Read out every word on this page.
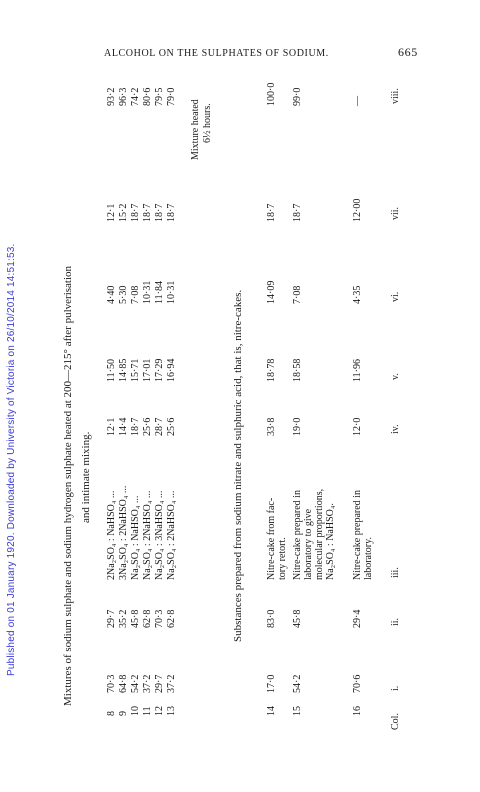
Published on 01 January 1920. Downloaded by University of Victoria on 26/10/2014 14:51:53.
ALCOHOL ON THE SULPHATES OF SODIUM.	665
Mixtures of sodium sulphate and sodium hydrogen sulphate heated at 200—215° after pulverisation and intimate mixing.
8
70·3
29·7
2Na₂SO₄ : NaHSO₄ ...
12·1
11·50
4·40
12·1
93·2
9
64·8
35·2
3Na₂SO₄ : 2NaHSO₄ ...
14·4
14·85
5·30
15·2
96·3
10
54·2
45·8
Na₂SO₄ : NaHSO₄ ...
18·7
15·71
7·08
18·7
74·2
11
37·2
62·8
Na₂SO₄ : 2NaHSO₄ ...
25·6
17·01
10·31
18·7
80·6
12
29·7
70·3
Na₂SO₄ : 3NaHSO₄ ...
28·7
17·29
11·84
18·7
79·5
13
37·2
62·8
Na₂SO₄ : 2NaHSO₄ ...
25·6
16·94
10·31
18·7
79·0
Substances prepared from sodium nitrate and sulphuric acid, that is, nitre-cakes.
Mixture heated 6½ hours.
14
17·0
83·0
33·8
18·78
14·09
18·7
100·0
Nitre-cake from fac- tory retort.
15
54·2
45·8
19·0
18·58
7·08
18·7
99·0
Nitre-cake prepared in laboratory to give molecular proportions, Na₂SO₄ : NaHSO₄.
16
70·6
29·4
12·0
11·96
4·35
12·00
—
Nitre-cake prepared in laboratory.
Col.
i.
ii.
iii.
iv.
v.
vi.
vii.
viii.
